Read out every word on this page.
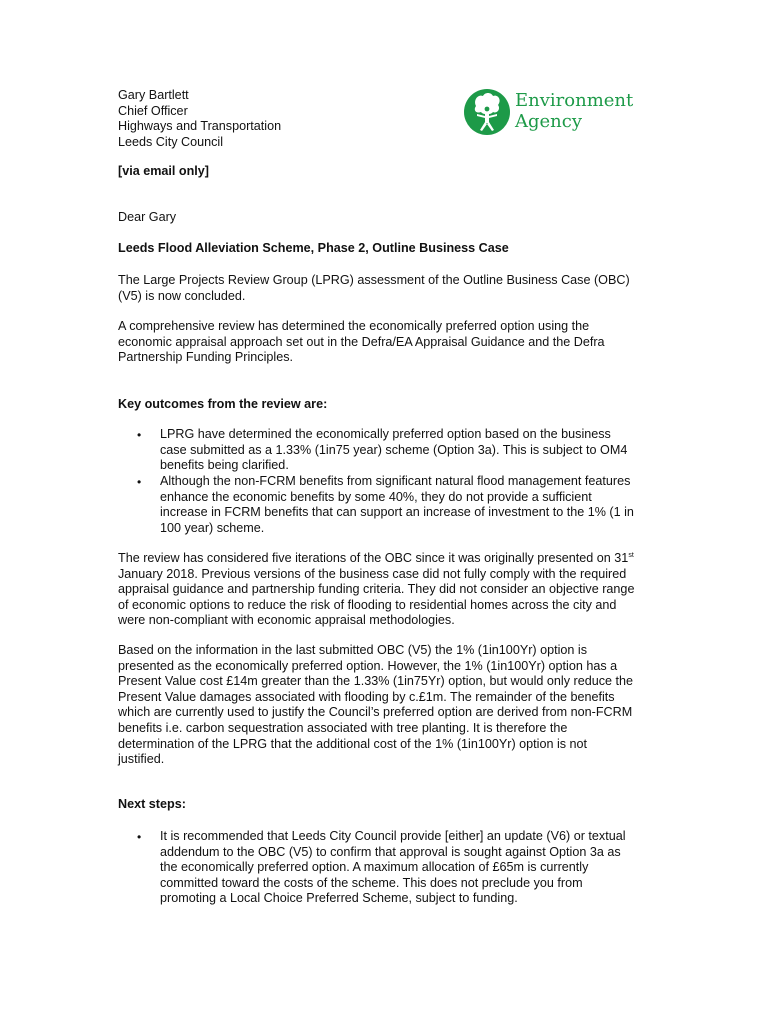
Gary Bartlett
Chief Officer
Highways and Transportation
Leeds City Council
[via email only]
Environment
Agency
Dear Gary
Leeds Flood Alleviation Scheme, Phase 2, Outline Business Case
The Large Projects Review Group (LPRG) assessment of the Outline Business Case (OBC)
(V5) is now concluded.
A comprehensive review has determined the economically preferred option using the
economic appraisal approach set out in the Defra/EA Appraisal Guidance and the Defra
Partnership Funding Principles.
Key outcomes from the review are:
• LPRG have determined the economically preferred option based on the business
case submitted as a 1.33% (1in75 year) scheme (Option 3a). This is subject to OM4
benefits being clarified.
• Although the non-FCRM benefits from significant natural flood management features
enhance the economic benefits by some 40%, they do not provide a sufficient
increase in FCRM benefits that can support an increase of investment to the 1% (1 in
100 year) scheme.
The review has considered five iterations of the OBC since it was originally presented on 31st
January 2018. Previous versions of the business case did not fully comply with the required
appraisal guidance and partnership funding criteria. They did not consider an objective range
of economic options to reduce the risk of flooding to residential homes across the city and
were non-compliant with economic appraisal methodologies.
Based on the information in the last submitted OBC (V5) the 1% (1in100Yr) option is
presented as the economically preferred option. However, the 1% (1in100Yr) option has a
Present Value cost £14m greater than the 1.33% (1in75Yr) option, but would only reduce the
Present Value damages associated with flooding by c.£1m. The remainder of the benefits
which are currently used to justify the Council’s preferred option are derived from non-FCRM
benefits i.e. carbon sequestration associated with tree planting. It is therefore the
determination of the LPRG that the additional cost of the 1% (1in100Yr) option is not
justified.
Next steps:
• It is recommended that Leeds City Council provide [either] an update (V6) or textual
addendum to the OBC (V5) to confirm that approval is sought against Option 3a as
the economically preferred option. A maximum allocation of £65m is currently
committed toward the costs of the scheme. This does not preclude you from
promoting a Local Choice Preferred Scheme, subject to funding.
